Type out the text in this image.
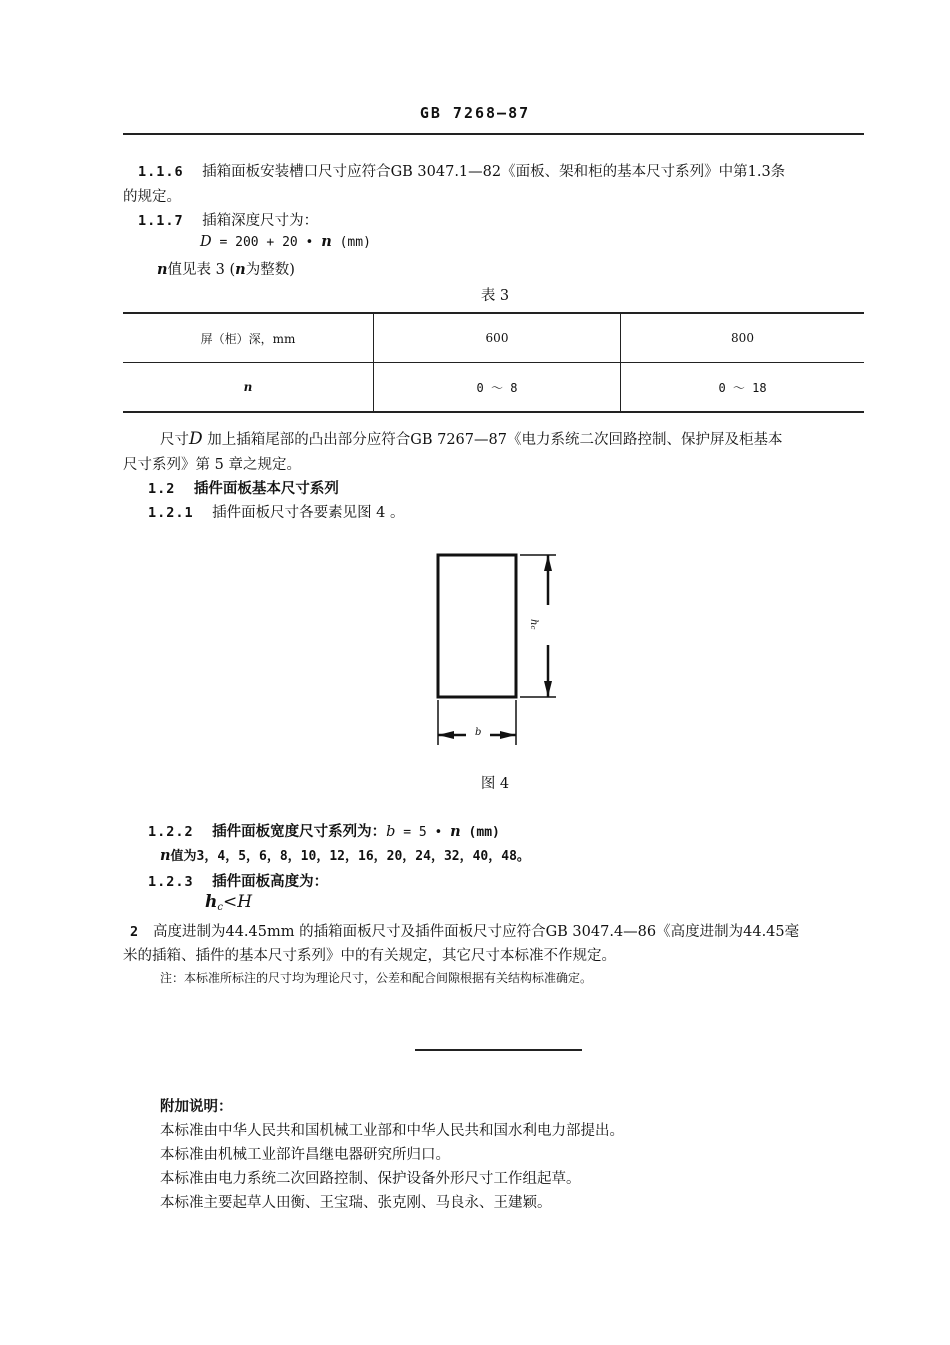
GB 7268—87
1.1.6 插箱面板安装槽口尺寸应符合GB 3047.1—82《面板、架和柜的基本尺寸系列》中第1.3条
的规定。
1.1.7 插箱深度尺寸为：
D = 200 + 20 • n (mm)
n值见表 3 (n为整数)
表 3
屏（柜）深，mm	600	800
n	0 ～ 8	0 ～ 18
尺寸D 加上插箱尾部的凸出部分应符合GB 7267—87《电力系统二次回路控制、保护屏及柜基本
尺寸系列》第 5 章之规定。
1.2 插件面板基本尺寸系列
1.2.1 插件面板尺寸各要素见图 4 。
hc
b
图 4
1.2.2 插件面板宽度尺寸系列为：b = 5 • n (mm)
n值为3，4，5，6，8，10，12，16，20，24，32，40，48。
1.2.3 插件面板高度为：
$h_c<H$
2 高度进制为44.45mm 的插箱面板尺寸及插件面板尺寸应符合GB 3047.4—86《高度进制为44.45毫
米的插箱、插件的基本尺寸系列》中的有关规定，其它尺寸本标准不作规定。
注：本标准所标注的尺寸均为理论尺寸，公差和配合间隙根据有关结构标准确定。
附加说明：
本标准由中华人民共和国机械工业部和中华人民共和国水利电力部提出。
本标准由机械工业部许昌继电器研究所归口。
本标准由电力系统二次回路控制、保护设备外形尺寸工作组起草。
本标准主要起草人田衡、王宝瑞、张克刚、马良永、王建颖。
